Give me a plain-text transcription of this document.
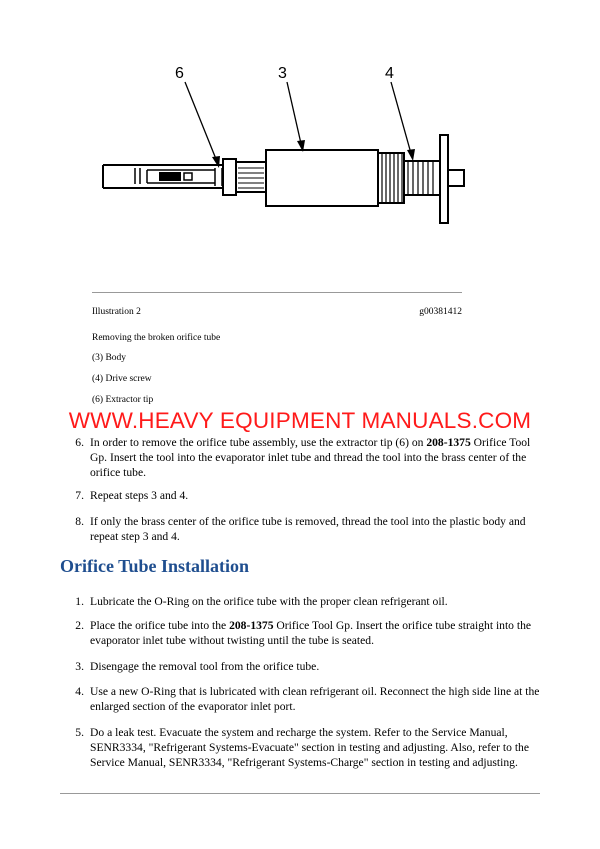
6	3	4
Illustration 2	g00381412
Removing the broken orifice tube
(3) Body
(4) Drive screw
(6) Extractor tip
WWW.HEAVY EQUIPMENT MANUALS.COM
6. In order to remove the orifice tube assembly, use the extractor tip (6) on 208-1375 Orifice Tool Gp. Insert the tool into the evaporator inlet tube and thread the tool into the brass center of the orifice tube.
7. Repeat steps 3 and 4.
8. If only the brass center of the orifice tube is removed, thread the tool into the plastic body and repeat step 3 and 4.
Orifice Tube Installation
1. Lubricate the O-Ring on the orifice tube with the proper clean refrigerant oil.
2. Place the orifice tube into the 208-1375 Orifice Tool Gp. Insert the orifice tube straight into the evaporator inlet tube without twisting until the tube is seated.
3. Disengage the removal tool from the orifice tube.
4. Use a new O-Ring that is lubricated with clean refrigerant oil. Reconnect the high side line at the enlarged section of the evaporator inlet port.
5. Do a leak test. Evacuate the system and recharge the system. Refer to the Service Manual, SENR3334, "Refrigerant Systems-Evacuate" section in testing and adjusting. Also, refer to the Service Manual, SENR3334, "Refrigerant Systems-Charge" section in testing and adjusting.
